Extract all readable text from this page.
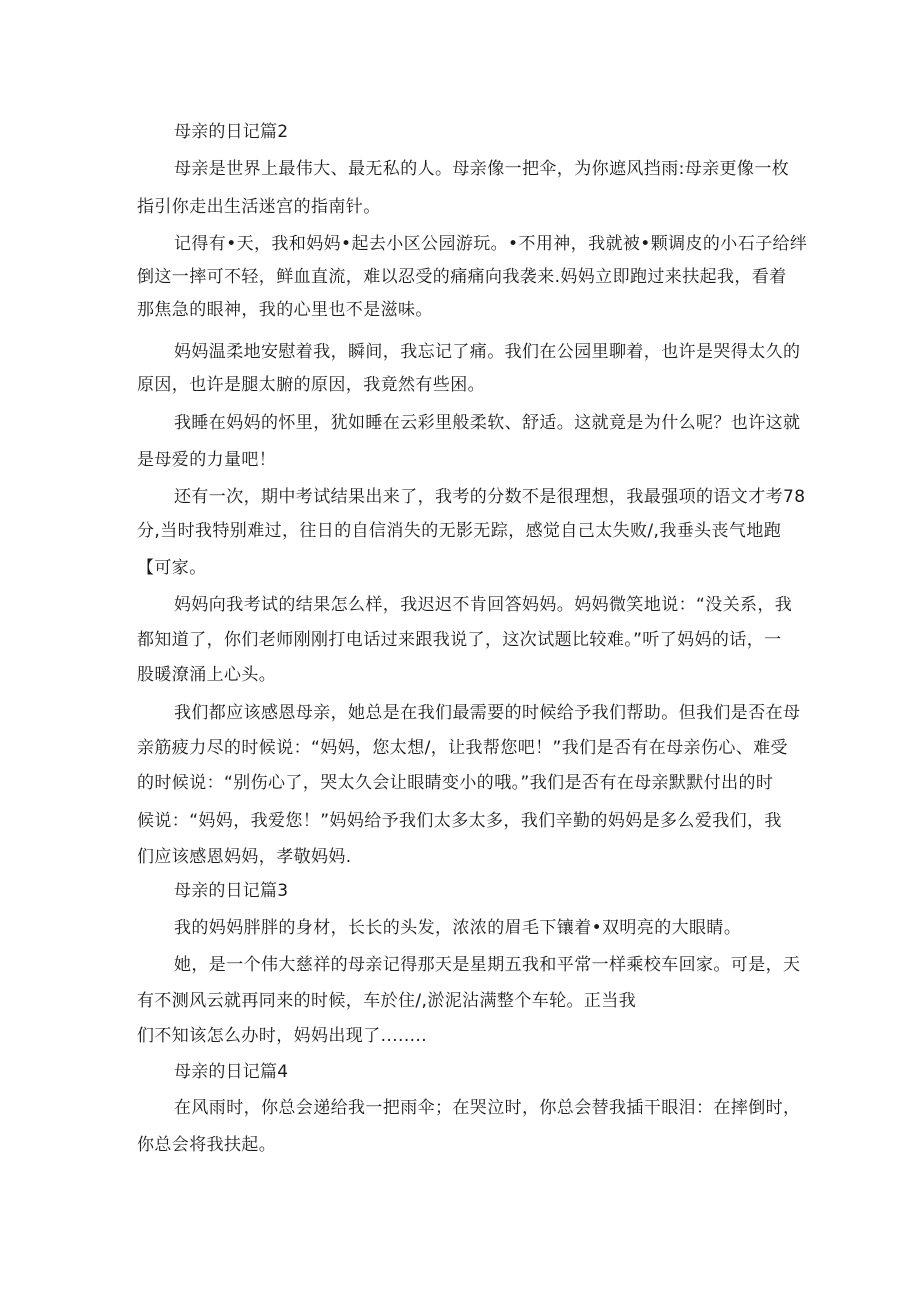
母亲的日记篇2
母亲是世界上最伟大、最无私的人。母亲像一把伞，为你遮风挡雨:母亲更像一枚
指引你走出生活迷宫的指南针。
记得有•天，我和妈妈•起去小区公园游玩。•不用神，我就被•颗调皮的小石子给绊
倒这一摔可不轻，鲜血直流，难以忍受的痛痛向我袭来.妈妈立即跑过来扶起我，看着
那焦急的眼神，我的心里也不是滋味。
妈妈温柔地安慰着我，瞬间，我忘记了痛。我们在公园里聊着，也许是哭得太久的
原因，也许是腿太腑的原因，我竟然有些困。
我睡在妈妈的怀里，犹如睡在云彩里般柔软、舒适。这就竟是为什么呢？也许这就
是母爱的力量吧！
还有一次，期中考试结果出来了，我考的分数不是很理想，我最强项的语文才考78
分,当时我特别难过，往日的自信消失的无影无踪，感觉自己太失败/,我垂头丧气地跑
【可家。
妈妈向我考试的结果怎么样，我迟迟不肯回答妈妈。妈妈微笑地说：“没关系，我
都知道了，你们老师刚刚打电话过来跟我说了，这次试题比较难。”听了妈妈的话，一
股暖潦涌上心头。
我们都应该感恩母亲，她总是在我们最需要的时候给予我们帮助。但我们是否在母
亲筋疲力尽的时候说：“妈妈，您太想/，让我帮您吧！”我们是否有在母亲伤心、难受
的时候说：“别伤心了，哭太久会让眼睛变小的哦。”我们是否有在母亲默默付出的时
候说：“妈妈，我爱您！”妈妈给予我们太多太多，我们辛勤的妈妈是多么爱我们，我
们应该感恩妈妈，孝敬妈妈.
母亲的日记篇3
我的妈妈胖胖的身材，长长的头发，浓浓的眉毛下镶着•双明亮的大眼睛。
她，是一个伟大慈祥的母亲记得那天是星期五我和平常一样乘校车回家。可是，天
有不测风云就再同来的时候，车於住/,淤泥沾满整个车轮。正当我
们不知该怎么办时，妈妈出现了........
母亲的日记篇4
在风雨时，你总会递给我一把雨伞；在哭泣时，你总会替我插干眼泪：在摔倒时，
你总会将我扶起。
